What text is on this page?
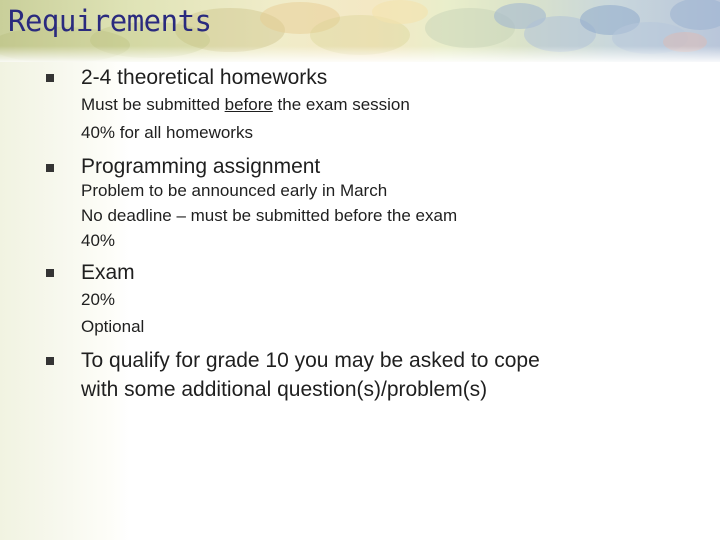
Requirements
2-4 theoretical homeworks
Must be submitted before the exam session
40% for all homeworks
Programming assignment
Problem to be announced early in March
No deadline – must be submitted before the exam
40%
Exam
20%
Optional
To qualify for grade 10 you may be asked to cope
with some additional question(s)/problem(s)
